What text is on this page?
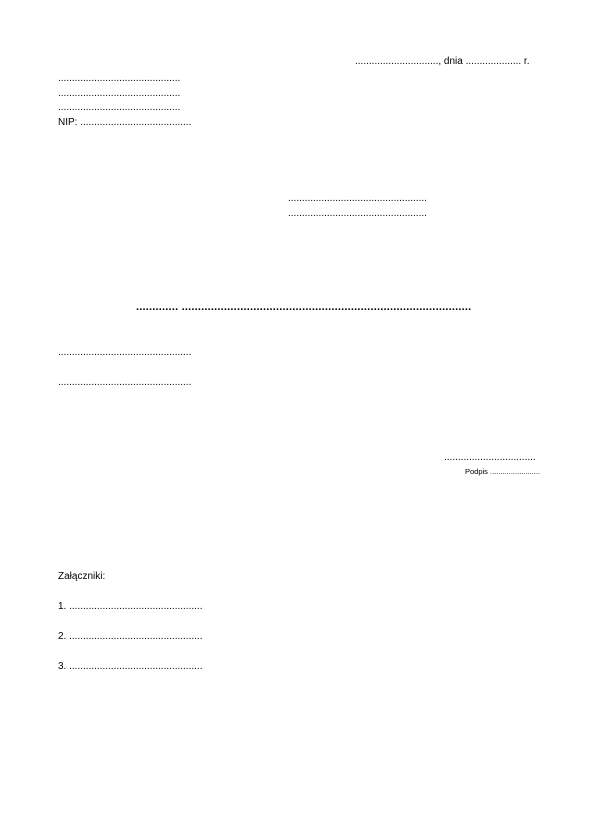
.............................., dnia .................... r.
............................................
............................................
............................................
NIP: ........................................
..................................................
..................................................
............. .........................................................................................
................................................
................................................
.................................
Podpis ........................
Załączniki:
1. ................................................
2. ................................................
3. ................................................
